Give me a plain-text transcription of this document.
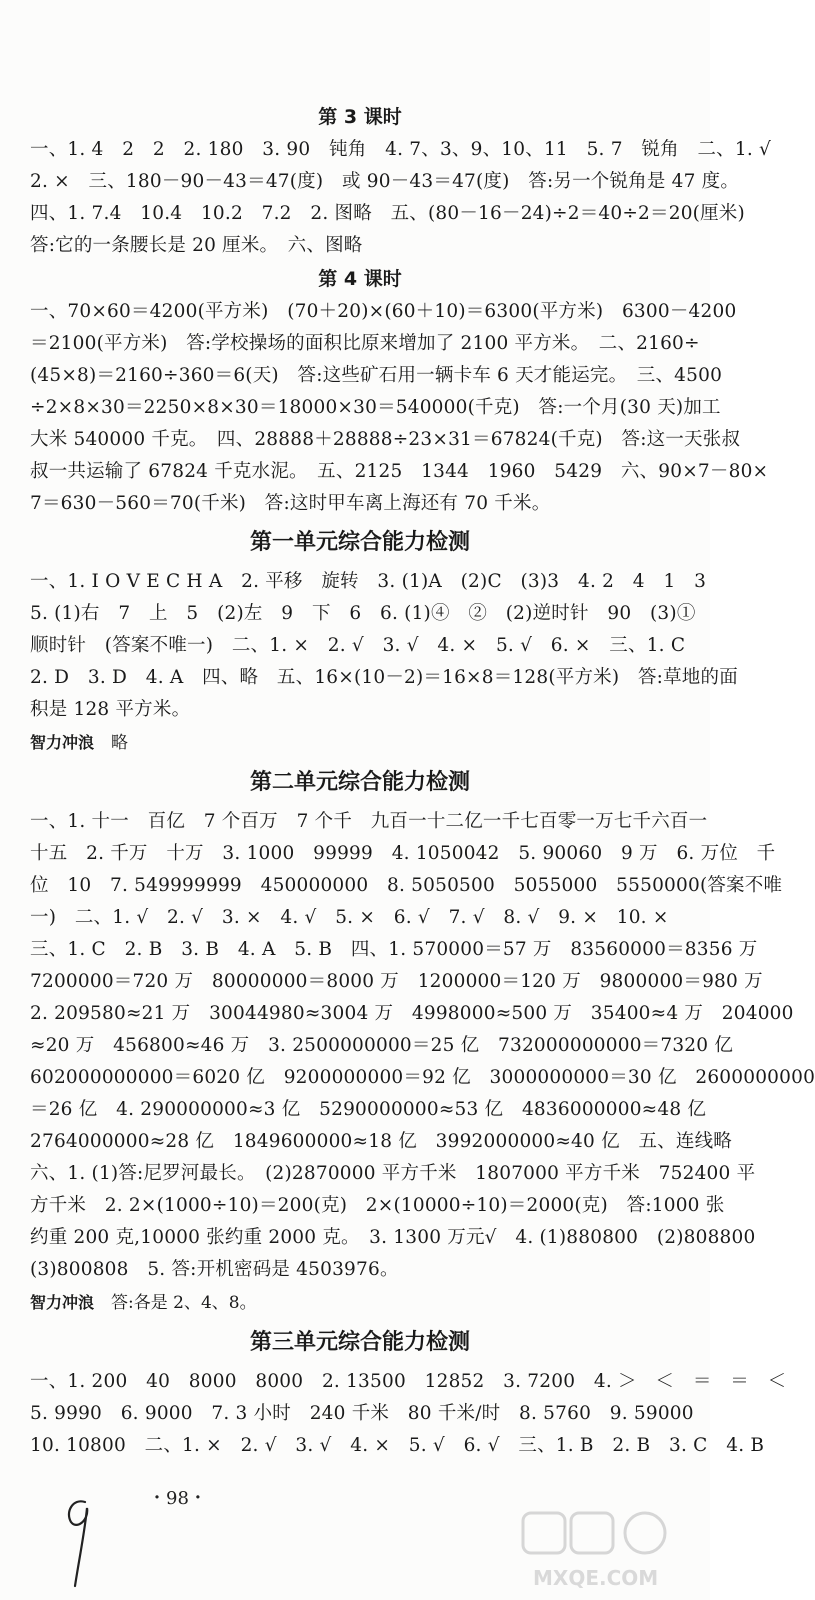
第 3 课时
一、1. 4　2　2　2. 180　3. 90　钝角　4. 7、3、9、10、11　5. 7　锐角　二、1. √
2. ×　三、180－90－43＝47(度)　或 90－43＝47(度)　答:另一个锐角是 47 度。
四、1. 7.4　10.4　10.2　7.2　2. 图略　五、(80－16－24)÷2＝40÷2＝20(厘米)
答:它的一条腰长是 20 厘米。　六、图略
第 4 课时
一、70×60＝4200(平方米)　(70＋20)×(60＋10)＝6300(平方米)　6300－4200
＝2100(平方米)　答:学校操场的面积比原来增加了 2100 平方米。　二、2160÷
(45×8)＝2160÷360＝6(天)　答:这些矿石用一辆卡车 6 天才能运完。　三、4500
÷2×8×30＝2250×8×30＝18000×30＝540000(千克)　答:一个月(30 天)加工
大米 540000 千克。　四、28888＋28888÷23×31＝67824(千克)　答:这一天张叔
叔一共运输了 67824 千克水泥。　五、2125　1344　1960　5429　六、90×7－80×
7＝630－560＝70(千米)　答:这时甲车离上海还有 70 千米。
第一单元综合能力检测
一、1. I O V E C H A　2. 平移　旋转　3. (1)A　(2)C　(3)3　4. 2　4　1　3
5. (1)右　7　上　5　(2)左　9　下　6　6. (1)④　②　(2)逆时针　90　(3)①
顺时针　(答案不唯一)　二、1. ×　2. √　3. √　4. ×　5. √　6. ×　三、1. C
2. D　3. D　4. A　四、略　五、16×(10－2)＝16×8＝128(平方米)　答:草地的面
积是 128 平方米。
智力冲浪　略
第二单元综合能力检测
一、1. 十一　百亿　7 个百万　7 个千　九百一十二亿一千七百零一万七千六百一
十五　2. 千万　十万　3. 1000　99999　4. 1050042　5. 90060　9 万　6. 万位　千
位　10　7. 549999999　450000000　8. 5050500　5055000　5550000(答案不唯
一)　二、1. √　2. √　3. ×　4. √　5. ×　6. √　7. √　8. √　9. ×　10. ×
三、1. C　2. B　3. B　4. A　5. B　四、1. 570000＝57 万　83560000＝8356 万
7200000＝720 万　80000000＝8000 万　1200000＝120 万　9800000＝980 万
2. 209580≈21 万　30044980≈3004 万　4998000≈500 万　35400≈4 万　204000
≈20 万　456800≈46 万　3. 2500000000＝25 亿　732000000000＝7320 亿
602000000000＝6020 亿　9200000000＝92 亿　3000000000＝30 亿　2600000000
＝26 亿　4. 290000000≈3 亿　5290000000≈53 亿　4836000000≈48 亿
2764000000≈28 亿　1849600000≈18 亿　3992000000≈40 亿　五、连线略
六、1. (1)答:尼罗河最长。　(2)2870000 平方千米　1807000 平方千米　752400 平
方千米　2. 2×(1000÷10)＝200(克)　2×(10000÷10)＝2000(克)　答:1000 张
约重 200 克,10000 张约重 2000 克。　3. 1300 万元√　4. (1)880800　(2)808800
(3)800808　5. 答:开机密码是 4503976。
智力冲浪　答:各是 2、4、8。
第三单元综合能力检测
一、1. 200　40　8000　8000　2. 13500　12852　3. 7200　4. ＞　＜　＝　＝　＜
5. 9990　6. 9000　7. 3 小时　240 千米　80 千米/时　8. 5760　9. 59000
10. 10800　二、1. ×　2. √　3. √　4. ×　5. √　6. √　三、1. B　2. B　3. C　4. B
・98・
MXQE.COM
